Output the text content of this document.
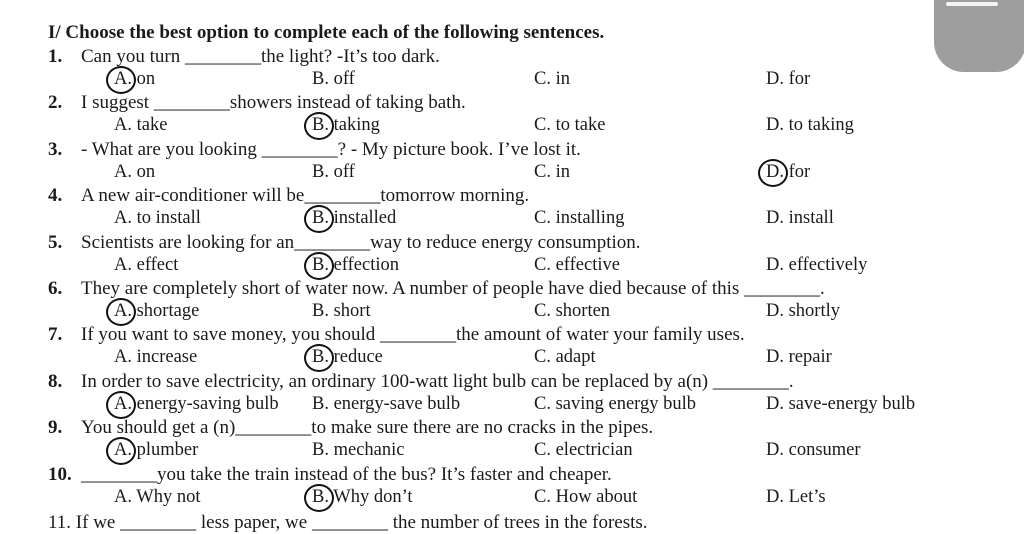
I/ Choose the best option to complete each of the following sentences.
1. Can you turn ________the light? -It’s too dark.
A. on	B. off	C. in	D. for
2. I suggest ________showers instead of taking bath.
A. take	B. taking	C. to take	D. to taking
3. - What are you looking ________? - My picture book. I’ve lost it.
A. on	B. off	C. in	D. for
4. A new air-conditioner will be________tomorrow morning.
A. to install	B. installed	C. installing	D. install
5. Scientists are looking for an________way to reduce energy consumption.
A. effect	B. effection	C. effective	D. effectively
6. They are completely short of water now. A number of people have died because of this ________.
A. shortage	B. short	C. shorten	D. shortly
7. If you want to save money, you should ________the amount of water your family uses.
A. increase	B. reduce	C. adapt	D. repair
8. In order to save electricity, an ordinary 100-watt light bulb can be replaced by a(n) ________.
A. energy-saving bulb B. energy-save bulb	C. saving energy bulb	D. save-energy bulb
9. You should get a (n)________to make sure there are no cracks in the pipes.
A. plumber	B. mechanic	C. electrician	D. consumer
10. ________you take the train instead of the bus? It’s faster and cheaper.
A. Why not	B. Why don’t	C. How about	D. Let’s
11. If we ________ less paper, we ________ the number of trees in the forests.
